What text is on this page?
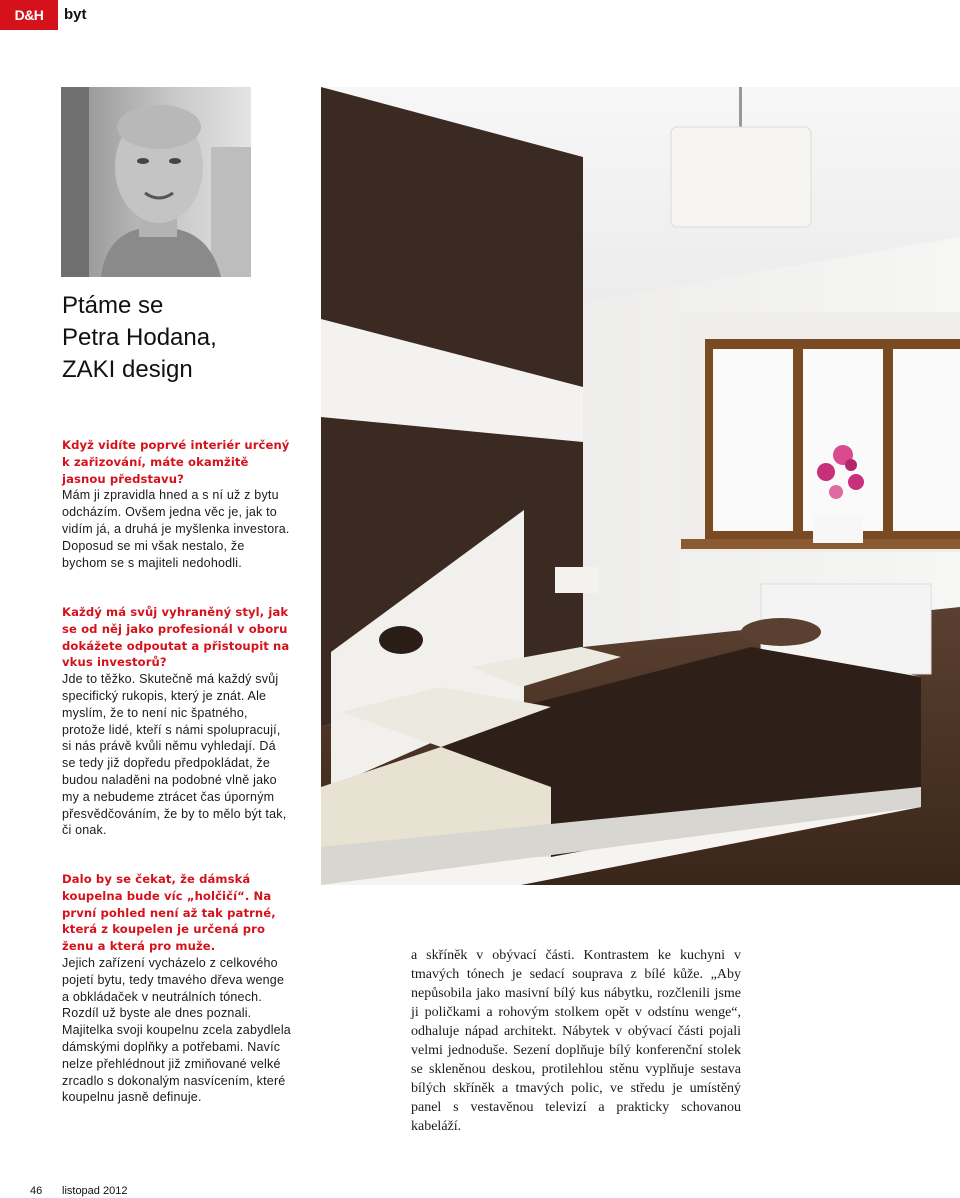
D&H	byt
Ptáme se
Petra Hodana,
ZAKI design
Když vidíte poprvé interiér určený k zařizování, máte okamžitě jasnou představu?
Mám ji zpravidla hned a s ní už z bytu odcházím. Ovšem jedna věc je, jak to vidím já, a druhá je myšlenka investora. Doposud se mi však nestalo, že bychom se s majiteli nedohodli.
Každý má svůj vyhraněný styl, jak se od něj jako profesionál v oboru dokážete odpoutat a přistoupit na vkus investorů?
Jde to těžko. Skutečně má každý svůj specifický rukopis, který je znát. Ale myslím, že to není nic špatného, protože lidé, kteří s námi spolupracují, si nás právě kvůli němu vyhledají. Dá se tedy již dopředu předpokládat, že budou naladěni na podobné vlně jako my a nebudeme ztrácet čas úporným přesvědčováním, že by to mělo být tak, či onak.
Dalo by se čekat, že dámská koupelna bude víc „holčičí“. Na první pohled není až tak patrné, která z koupelen je určená pro ženu a která pro muže.
Jejich zařízení vycházelo z celkového pojetí bytu, tedy tmavého dřeva wenge a obkládaček v neutrálních tónech. Rozdíl už byste ale dnes poznali. Majitelka svoji koupelnu zcela zabydlela dámskými doplňky a potřebami. Navíc nelze přehlédnout již zmiňované velké zrcadlo s dokonalým nasvícením, které koupelnu jasně definuje.
a skříněk v obývací části. Kontrastem ke kuchyni v tmavých tónech je sedací souprava z bílé kůže. „Aby nepůsobila jako masivní bílý kus nábytku, rozčlenili jsme ji poličkami a rohovým stolkem opět v odstínu wenge“, odhaluje nápad architekt. Nábytek v obývací části pojali velmi jednoduše. Sezení doplňuje bílý konferenční stolek se skleněnou deskou, protilehlou stěnu vyplňuje sestava bílých skříněk a tmavých polic, ve středu je umístěný panel s vestavěnou televizí a prakticky schovanou kabeláží.
46 listopad 2012
